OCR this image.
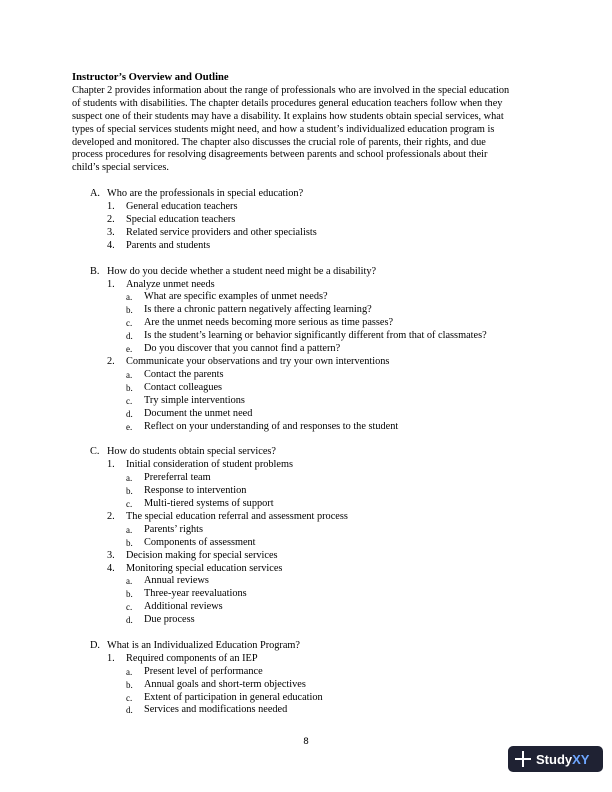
Instructor’s Overview and Outline

Chapter 2 provides information about the range of professionals who are involved in the special education
of students with disabilities. The chapter details procedures general education teachers follow when they
suspect one of their students may have a disability. It explains how students obtain special services, what
types of special services students might need, and how a student’s individualized education program is
developed and monitored. The chapter also discusses the crucial role of parents, their rights, and due
process procedures for resolving disagreements between parents and school professionals about their
child’s special services.
A. Who are the professionals in special education?
1.	General education teachers
2.	Special education teachers
3.	Related service providers and other specialists
4.	Parents and students
B. How do you decide whether a student need might be a disability?
1.	Analyze unmet needs
a.	What are specific examples of unmet needs?
b.	Is there a chronic pattern negatively affecting learning?
c.	Are the unmet needs becoming more serious as time passes?
d.	Is the student’s learning or behavior significantly different from that of classmates?
e.	Do you discover that you cannot find a pattern?
2.	Communicate your observations and try your own interventions
a.	Contact the parents
b.	Contact colleagues
c.	Try simple interventions
d.	Document the unmet need
e.	Reflect on your understanding of and responses to the student
C. How do students obtain special services?
1.	Initial consideration of student problems
a.	Prereferral team
b.	Response to intervention
c.	Multi-tiered systems of support
2.	The special education referral and assessment process
a.	Parents’ rights
b.	Components of assessment
3.	Decision making for special services
4.	Monitoring special education services
a.	Annual reviews
b.	Three-year reevaluations
c.	Additional reviews
d.	Due process
D. What is an Individualized Education Program?
1.	Required components of an IEP
a.	Present level of performance
b.	Annual goals and short-term objectives
c.	Extent of participation in general education
d.	Services and modifications needed
8
Study XY
